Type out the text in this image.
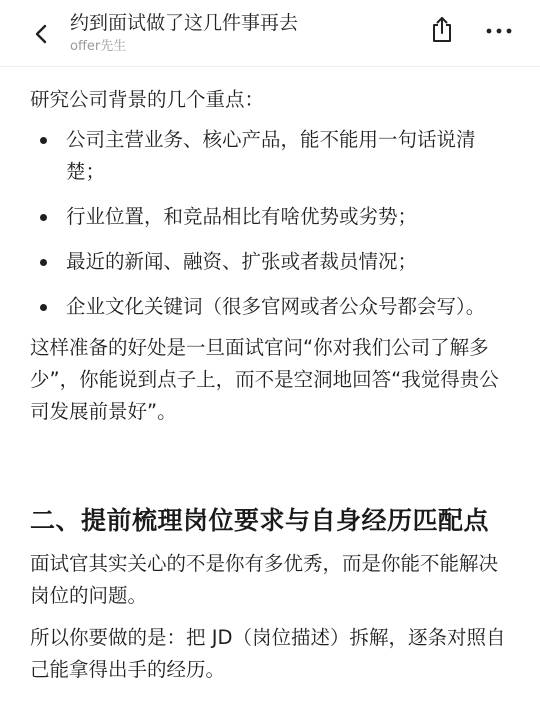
约到面试做了这几件事再去
offer先生

研究公司背景的几个重点：

公司主营业务、核心产品，能不能用一句话说清楚；
行业位置，和竞品相比有啥优势或劣势；
最近的新闻、融资、扩张或者裁员情况；
企业文化关键词（很多官网或者公众号都会写）。

这样准备的好处是一旦面试官问“你对我们公司了解多少”，你能说到点子上，而不是空洞地回答“我觉得贵公司发展前景好”。

二、提前梳理岗位要求与自身经历匹配点

面试官其实关心的不是你有多优秀，而是你能不能解决岗位的问题。

所以你要做的是：把 JD（岗位描述）拆解，逐条对照自己能拿得出手的经历。
